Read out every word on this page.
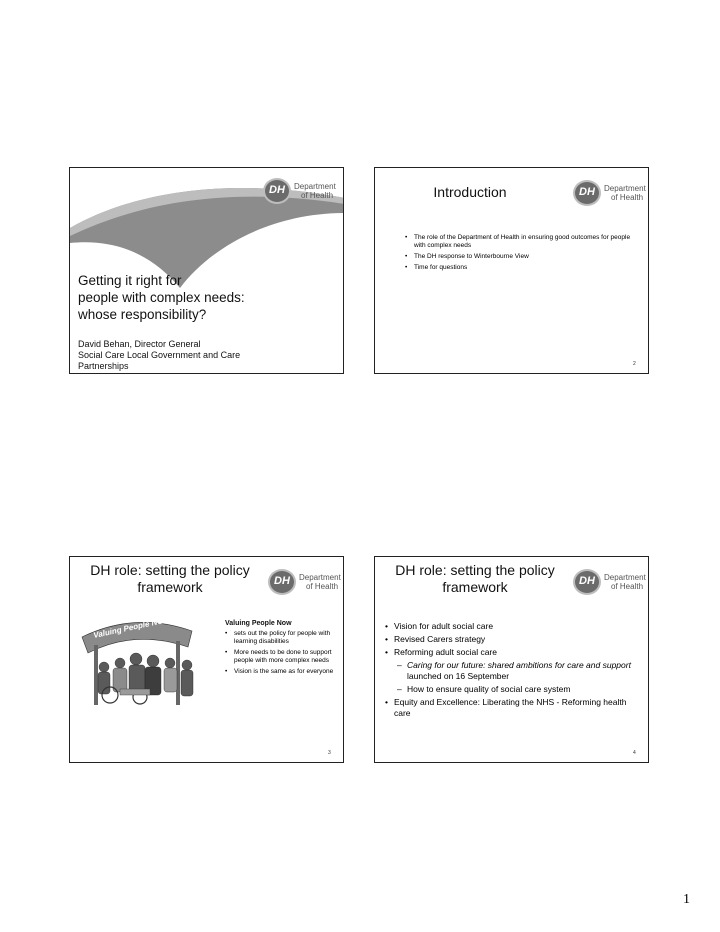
DH	Department
of Health
Getting it right for
people with complex needs:
whose responsibility?
David Behan, Director General
Social Care Local Government and Care
Partnerships
Introduction	DH	Department
of Health
• The role of the Department of Health in ensuring good outcomes for people with complex needs
• The DH response to Winterbourne View
• Time for questions
2
DH role: setting the policy
framework	DH	Department
of Health
Valuing People NOW	Valuing People Now
• sets out the policy for people with learning disabilities
• More needs to be done to support people with more complex needs
• Vision is the same as for everyone
3
DH role: setting the policy
framework	DH	Department
of Health
• Vision for adult social care
• Revised Carers strategy
• Reforming adult social care
– Caring for our future: shared ambitions for care and support launched on 16 September
– How to ensure quality of social care system
• Equity and Excellence: Liberating the NHS - Reforming health care
4
1
